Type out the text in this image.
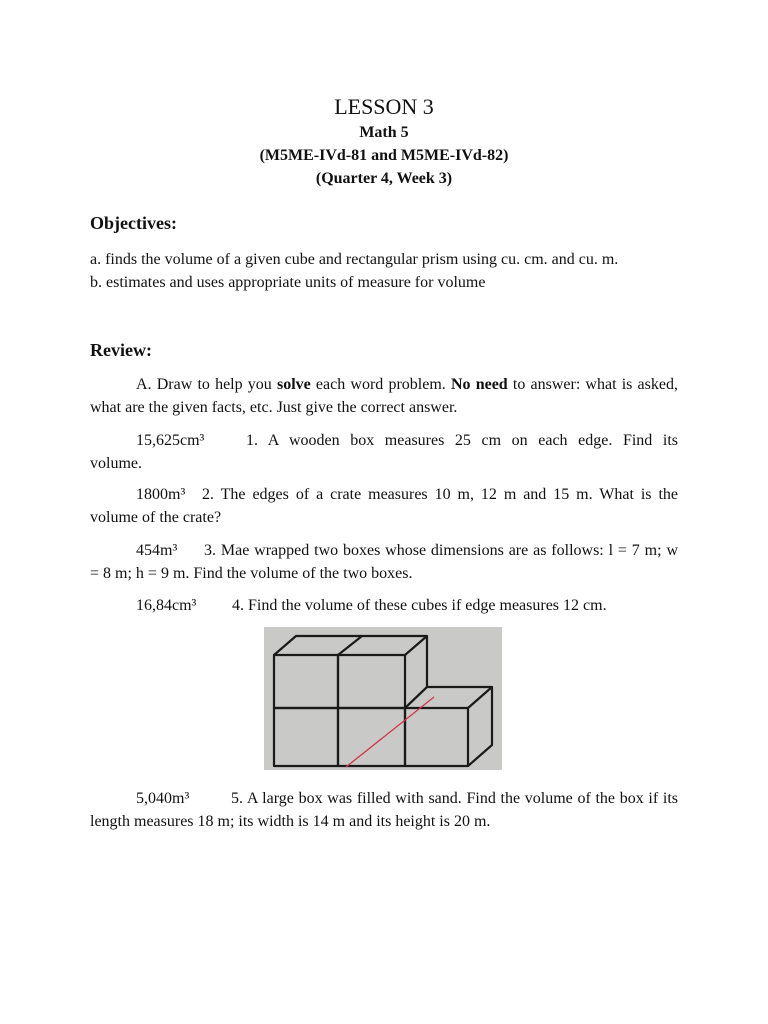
LESSON 3
Math 5
(M5ME-IVd-81 and M5ME-IVd-82)
(Quarter 4, Week 3)
Objectives:
a. finds the volume of a given cube and rectangular prism using cu. cm. and cu. m.
b. estimates and uses appropriate units of measure for volume
Review:
A. Draw to help you solve each word problem. No need to answer: what is asked, what are the given facts, etc. Just give the correct answer.
15,625cm³	1. A wooden box measures 25 cm on each edge. Find its volume.
1800m³ 2. The edges of a crate measures 10 m, 12 m and 15 m. What is the volume of the crate?
454m³ 3. Mae wrapped two boxes whose dimensions are as follows: l = 7 m; w = 8 m; h = 9 m. Find the volume of the two boxes.
16,84cm³ 4. Find the volume of these cubes if edge measures 12 cm.
5,040m³	5. A large box was filled with sand. Find the volume of the box if its length measures 18 m; its width is 14 m and its height is 20 m.
